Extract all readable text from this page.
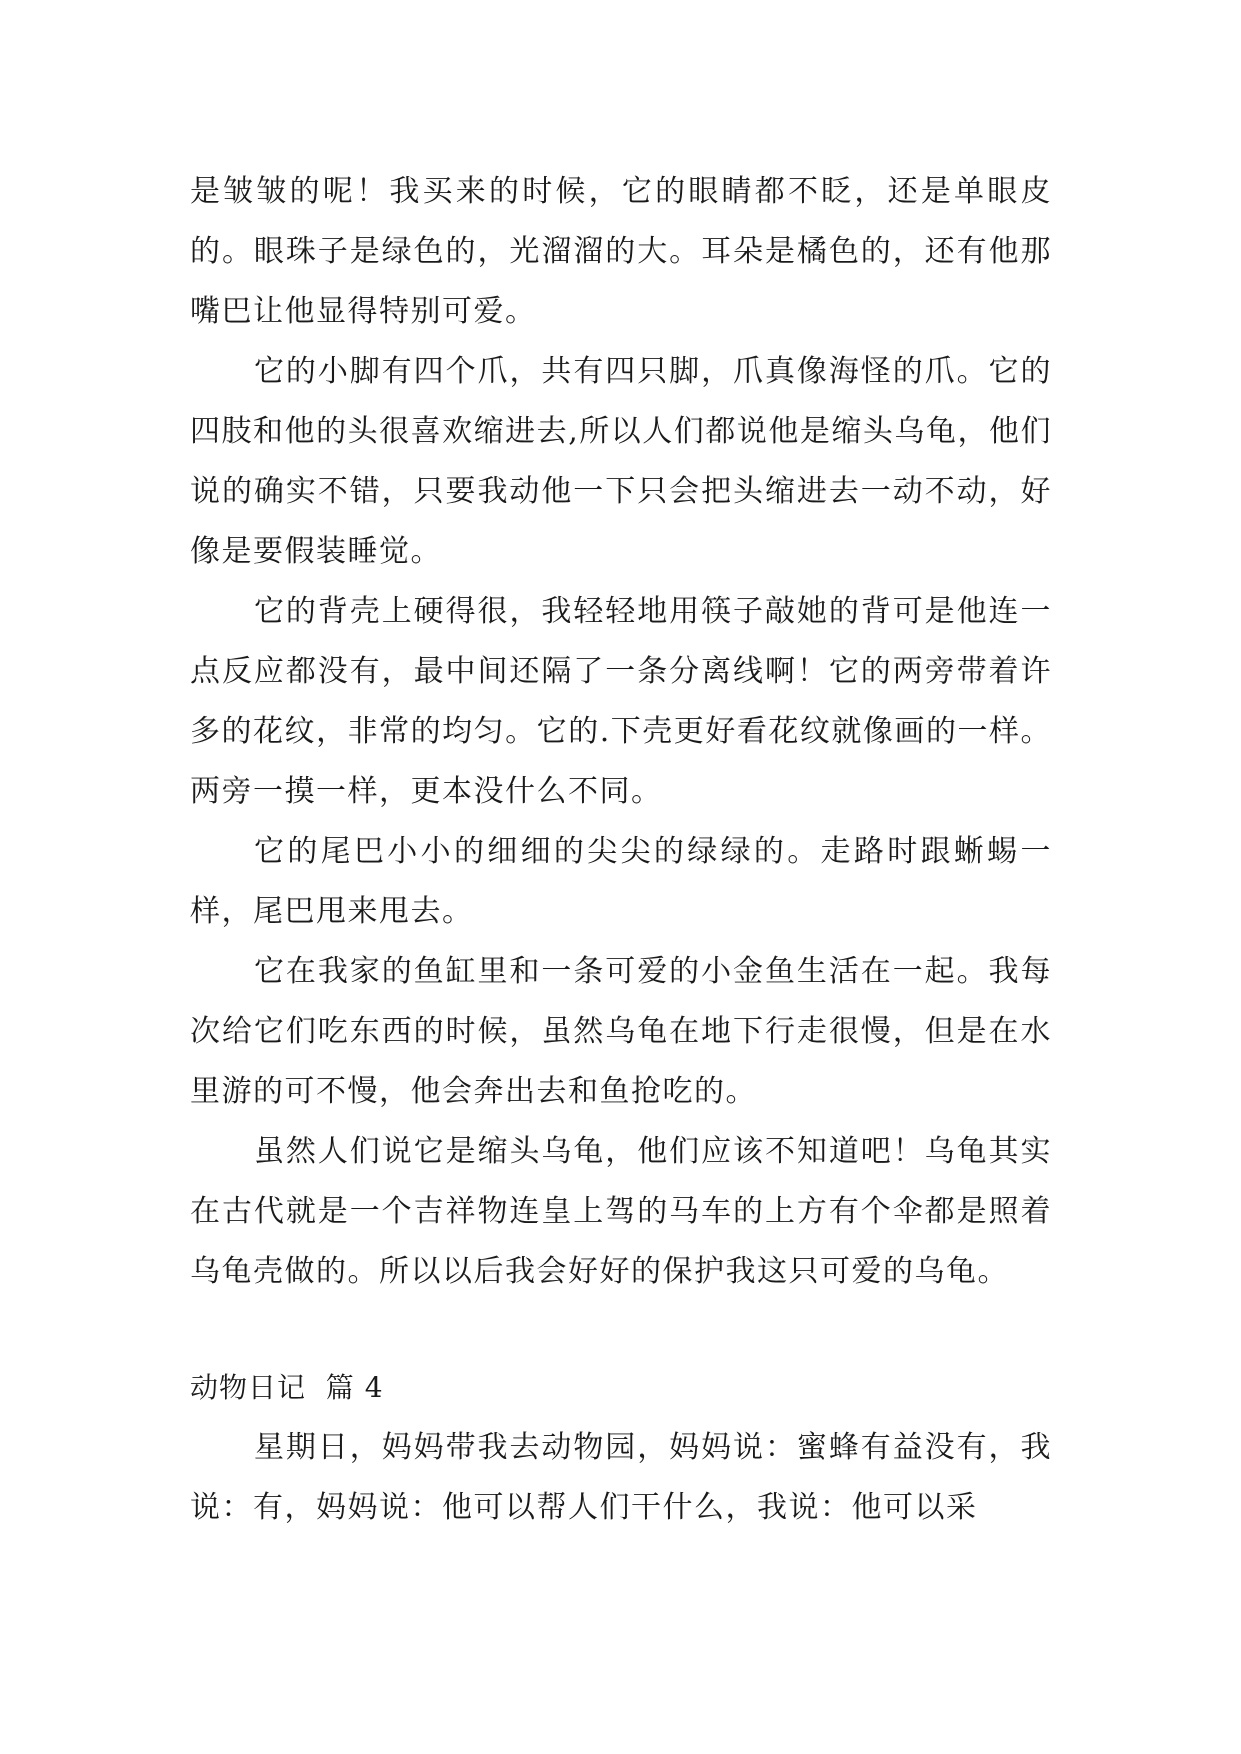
是皱皱的呢！我买来的时候，它的眼睛都不眨，还是单眼皮的。眼珠子是绿色的，光溜溜的大。耳朵是橘色的，还有他那嘴巴让他显得特别可爱。

它的小脚有四个爪，共有四只脚，爪真像海怪的爪。它的四肢和他的头很喜欢缩进去,所以人们都说他是缩头乌龟，他们说的确实不错，只要我动他一下只会把头缩进去一动不动，好像是要假装睡觉。

它的背壳上硬得很，我轻轻地用筷子敲她的背可是他连一点反应都没有，最中间还隔了一条分离线啊！它的两旁带着许多的花纹，非常的均匀。它的.下壳更好看花纹就像画的一样。两旁一摸一样，更本没什么不同。

它的尾巴小小的细细的尖尖的绿绿的。走路时跟蜥蜴一样，尾巴甩来甩去。

它在我家的鱼缸里和一条可爱的小金鱼生活在一起。我每次给它们吃东西的时候，虽然乌龟在地下行走很慢，但是在水里游的可不慢，他会奔出去和鱼抢吃的。

虽然人们说它是缩头乌龟，他们应该不知道吧！乌龟其实在古代就是一个吉祥物连皇上驾的马车的上方有个伞都是照着乌龟壳做的。所以以后我会好好的保护我这只可爱的乌龟。

动物日记  篇 4

星期日，妈妈带我去动物园，妈妈说：蜜蜂有益没有，我说：有，妈妈说：他可以帮人们干什么，我说：他可以采
